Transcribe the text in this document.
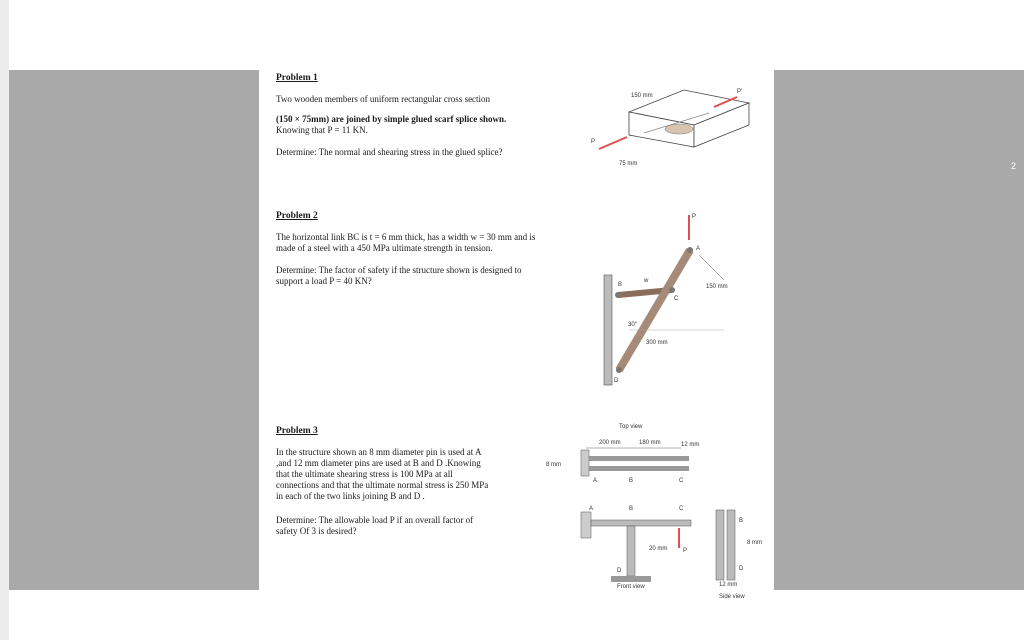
2
Problem 1
Two wooden members of uniform rectangular cross section
(150 × 75mm) are joined by simple glued scarf splice shown.
Knowing that P = 11 KN.
Determine: The normal and shearing stress in the glued splice?
P
P'
150 mm
75 mm
Problem 2
The horizontal link BC is t = 6 mm thick, has a width w = 30 mm and is
made of a steel with a 450 MPa ultimate strength in tension.
Determine: The factor of safety if the structure shown is designed to
support a load P = 40 KN?
P
A
B
C
D
w
30°
150 mm
300 mm
Problem 3
In the structure shown an 8 mm diameter pin is used at A
,and 12 mm diameter pins are used at B and D .Knowing
that the ultimate shearing stress is 100 MPa at all
connections and that the ultimate normal stress is 250 MPa
in each of the two links joining B and D .
Determine: The allowable load P if an overall factor of
safety Of 3 is desired?
Top view
200 mm	180 mm	12 mm
8 mm
A	B	C
P
20 mm
A	B	C
D
Front view
B
D
8 mm
12 mm
Side view
